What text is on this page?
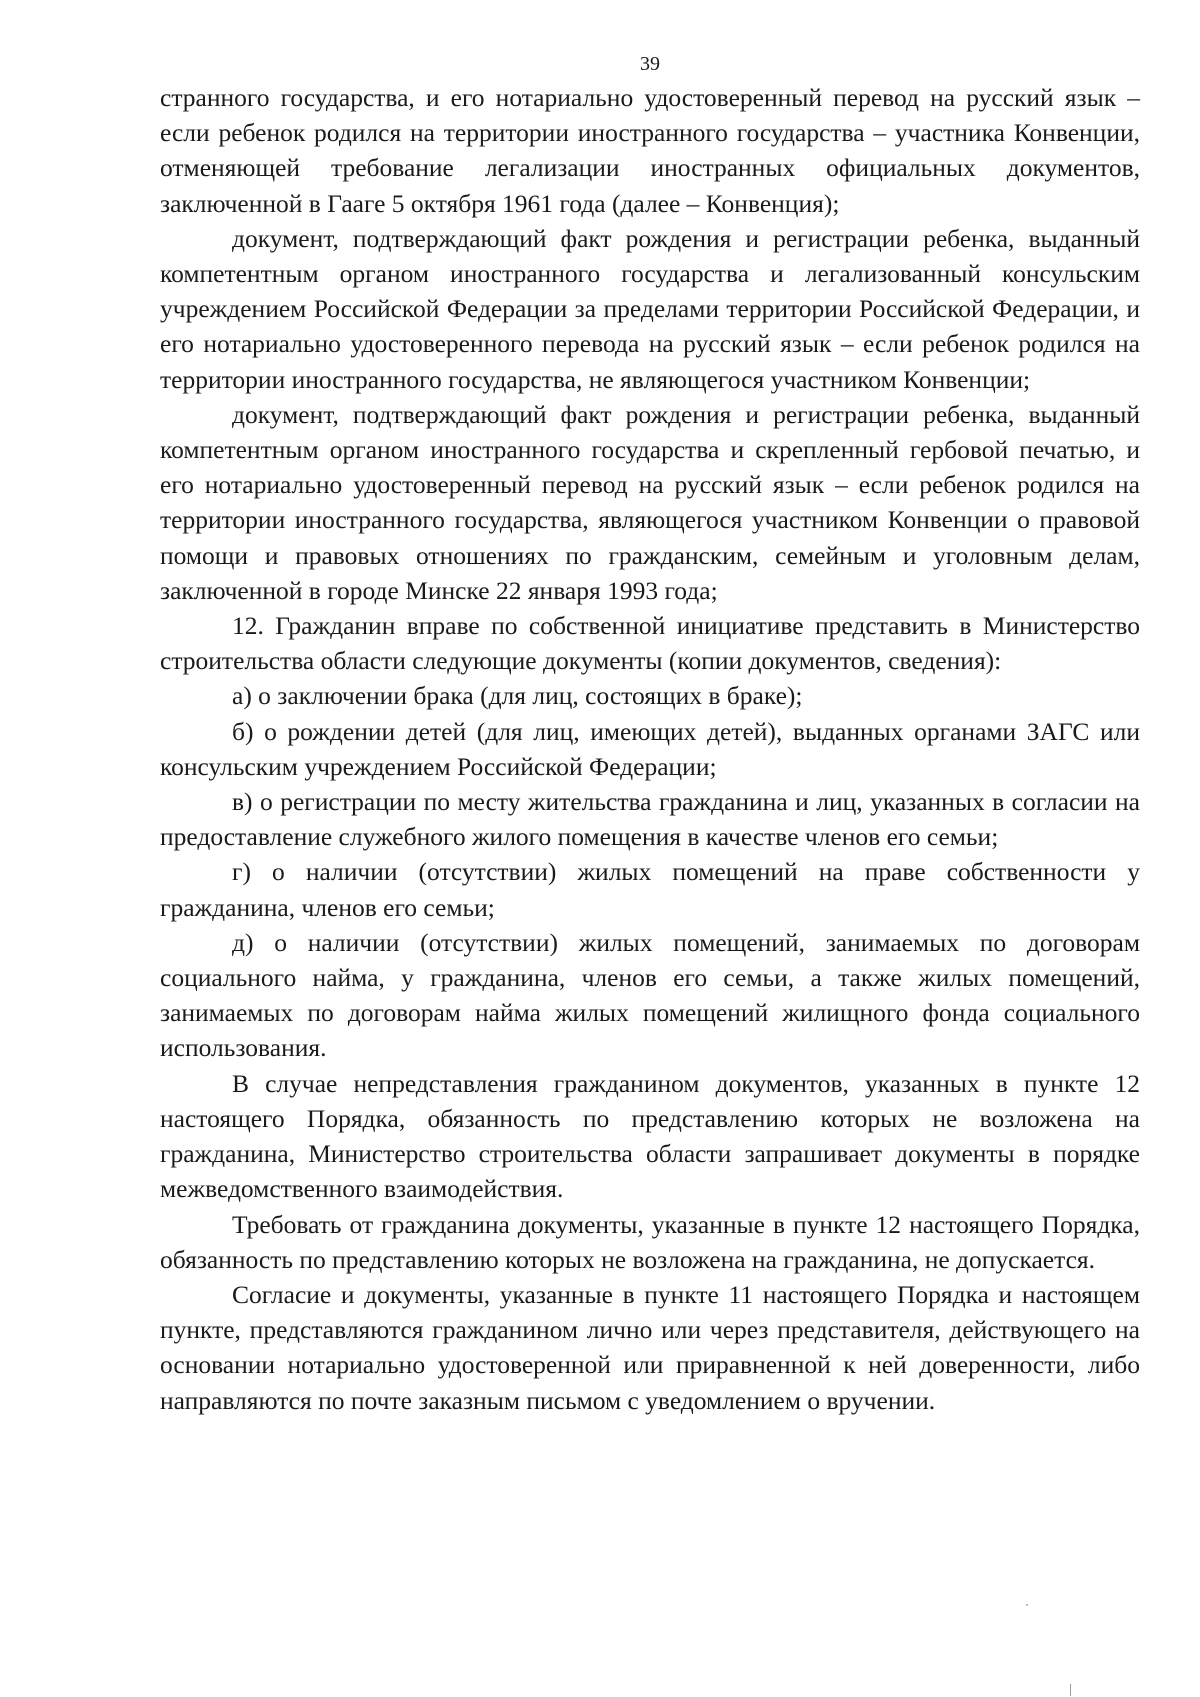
39

странного государства, и его нотариально удостоверенный перевод на русский язык – если ребенок родился на территории иностранного государства – участника Конвенции, отменяющей требование легализации иностранных официальных документов, заключенной в Гааге 5 октября 1961 года (далее – Конвенция);

документ, подтверждающий факт рождения и регистрации ребенка, выданный компетентным органом иностранного государства и легализованный консульским учреждением Российской Федерации за пределами территории Российской Федерации, и его нотариально удостоверенного перевода на русский язык – если ребенок родился на территории иностранного государства, не являющегося участником Конвенции;

документ, подтверждающий факт рождения и регистрации ребенка, выданный компетентным органом иностранного государства и скрепленный гербовой печатью, и его нотариально удостоверенный перевод на русский язык – если ребенок родился на территории иностранного государства, являющегося участником Конвенции о правовой помощи и правовых отношениях по гражданским, семейным и уголовным делам, заключенной в городе Минске 22 января 1993 года;

12. Гражданин вправе по собственной инициативе представить в Министерство строительства области следующие документы (копии документов, сведения):

а) о заключении брака (для лиц, состоящих в браке);

б) о рождении детей (для лиц, имеющих детей), выданных органами ЗАГС или консульским учреждением Российской Федерации;

в) о регистрации по месту жительства гражданина и лиц, указанных в согласии на предоставление служебного жилого помещения в качестве членов его семьи;

г) о наличии (отсутствии) жилых помещений на праве собственности у гражданина, членов его семьи;

д) о наличии (отсутствии) жилых помещений, занимаемых по договорам социального найма, у гражданина, членов его семьи, а также жилых помещений, занимаемых по договорам найма жилых помещений жилищного фонда социального использования.

В случае непредставления гражданином документов, указанных в пункте 12 настоящего Порядка, обязанность по представлению которых не возложена на гражданина, Министерство строительства области запрашивает документы в порядке межведомственного взаимодействия.

Требовать от гражданина документы, указанные в пункте 12 настоящего Порядка, обязанность по представлению которых не возложена на гражданина, не допускается.

Согласие и документы, указанные в пункте 11 настоящего Порядка и настоящем пункте, представляются гражданином лично или через представителя, действующего на основании нотариально удостоверенной или приравненной к ней доверенности, либо направляются по почте заказным письмом с уведомлением о вручении.
